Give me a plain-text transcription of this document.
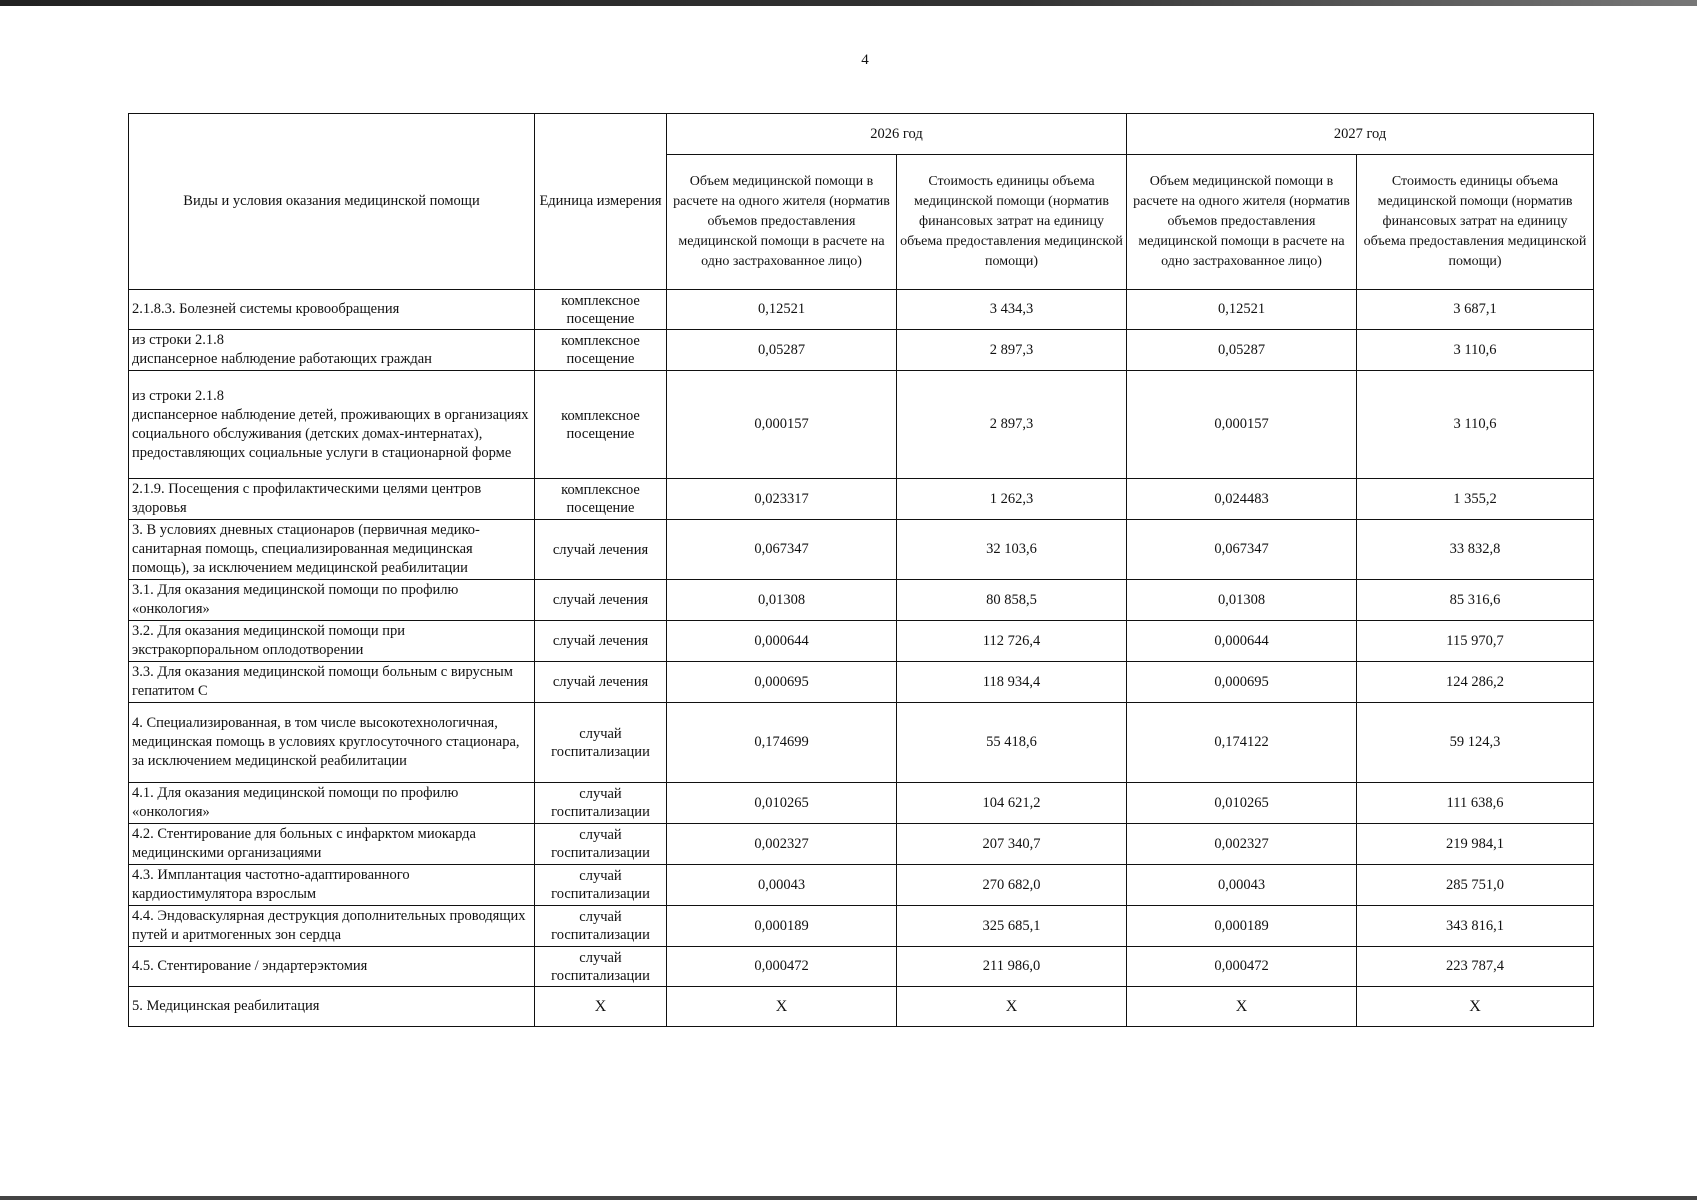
4
Виды и условия оказания медицинской помощи	Единица измерения	2026 год		2027 год	
		Объем медицинской помощи в расчете на одного жителя (норматив объемов предоставления медицинской помощи в расчете на одно застрахованное лицо)	Стоимость единицы объема медицинской помощи (норматив финансовых затрат на единицу объема предоставления медицинской помощи)	Объем медицинской помощи в расчете на одного жителя (норматив объемов предоставления медицинской помощи в расчете на одно застрахованное лицо)	Стоимость единицы объема медицинской помощи (норматив финансовых затрат на единицу объема предоставления медицинской помощи)
2.1.8.3. Болезней системы кровообращения	комплексное посещение	0,12521	3 434,3	0,12521	3 687,1
из строки 2.1.8
диспансерное наблюдение работающих граждан	комплексное посещение	0,05287	2 897,3	0,05287	3 110,6
из строки 2.1.8
диспансерное наблюдение детей, проживающих в организациях социального обслуживания (детских домах-интернатах), предоставляющих социальные услуги в стационарной форме	комплексное посещение	0,000157	2 897,3	0,000157	3 110,6
2.1.9. Посещения с профилактическими целями центров здоровья	комплексное посещение	0,023317	1 262,3	0,024483	1 355,2
3. В условиях дневных стационаров (первичная медико-санитарная помощь, специализированная медицинская помощь), за исключением медицинской реабилитации	случай лечения	0,067347	32 103,6	0,067347	33 832,8
3.1. Для оказания медицинской помощи по профилю «онкология»	случай лечения	0,01308	80 858,5	0,01308	85 316,6
3.2. Для оказания медицинской помощи при экстракорпоральном оплодотворении	случай лечения	0,000644	112 726,4	0,000644	115 970,7
3.3. Для оказания медицинской помощи больным с вирусным гепатитом С	случай лечения	0,000695	118 934,4	0,000695	124 286,2
4. Специализированная, в том числе высокотехнологичная, медицинская помощь в условиях круглосуточного стационара, за исключением медицинской реабилитации	случай госпитализации	0,174699	55 418,6	0,174122	59 124,3
4.1. Для оказания медицинской помощи по профилю «онкология»	случай госпитализации	0,010265	104 621,2	0,010265	111 638,6
4.2. Стентирование для больных с инфарктом миокарда медицинскими организациями	случай госпитализации	0,002327	207 340,7	0,002327	219 984,1
4.3. Имплантация частотно-адаптированного кардиостимулятора взрослым	случай госпитализации	0,00043	270 682,0	0,00043	285 751,0
4.4. Эндоваскулярная деструкция дополнительных проводящих путей и аритмогенных зон сердца	случай госпитализации	0,000189	325 685,1	0,000189	343 816,1
4.5. Стентирование / эндартерэктомия	случай госпитализации	0,000472	211 986,0	0,000472	223 787,4
5. Медицинская реабилитация	Х	Х	Х	Х	Х
